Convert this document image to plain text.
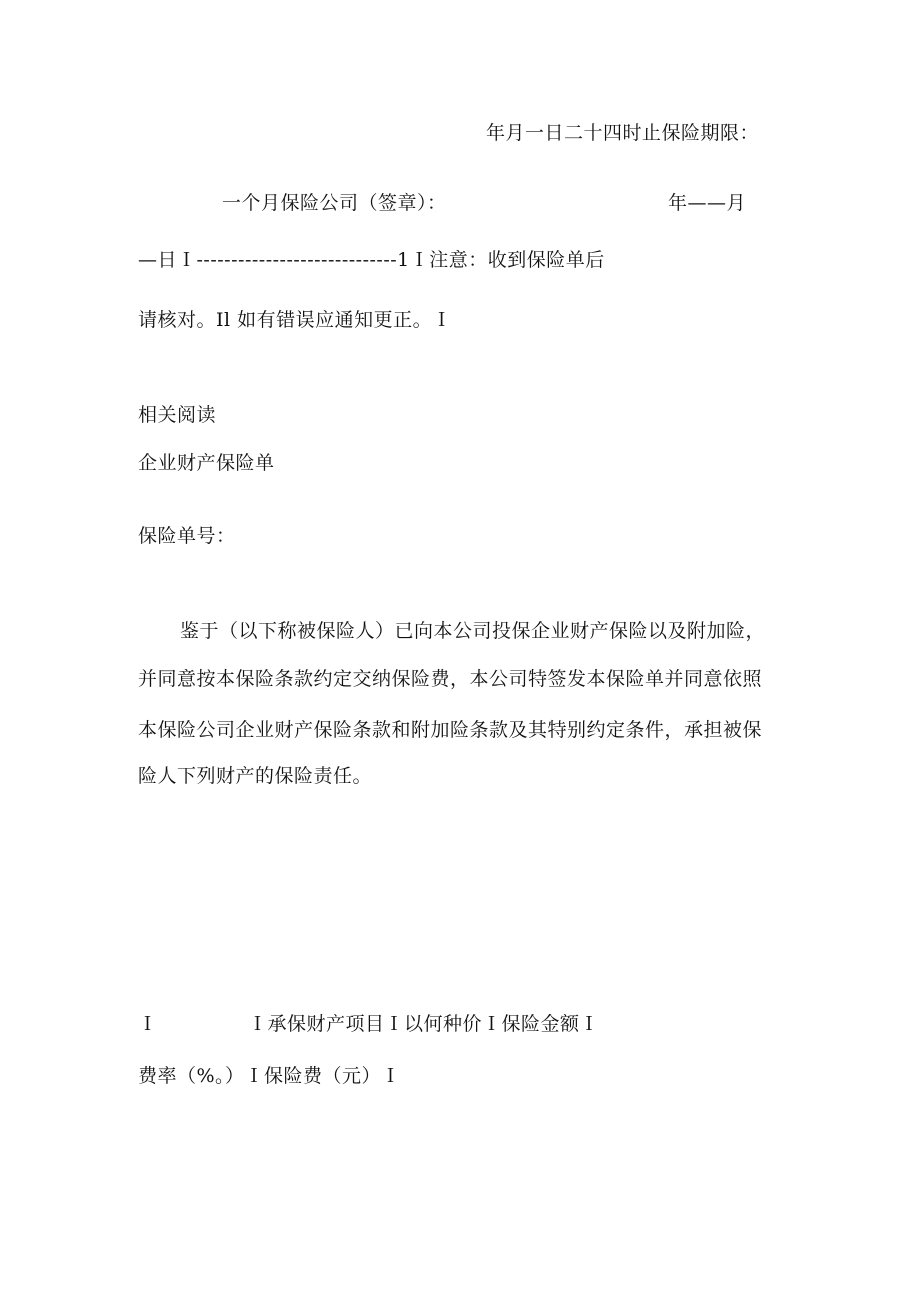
年月一日二十四时止保险期限：
一个月保险公司（签章）：	年——月
—日Ｉ-----------------------------1Ｉ注意：收到保险单后
请核对。Il 如有错误应通知更正。Ｉ
相关阅读
企业财产保险单
保险单号：
鉴于（以下称被保险人）已向本公司投保企业财产保险以及附加险，
并同意按本保险条款约定交纳保险费，本公司特签发本保险单并同意依照
本保险公司企业财产保险条款和附加险条款及其特别约定条件，承担被保
险人下列财产的保险责任。
Ｉ	Ｉ承保财产项目Ｉ以何种价Ｉ保险金额Ｉ
费率（%。）Ｉ保险费（元）Ｉ
